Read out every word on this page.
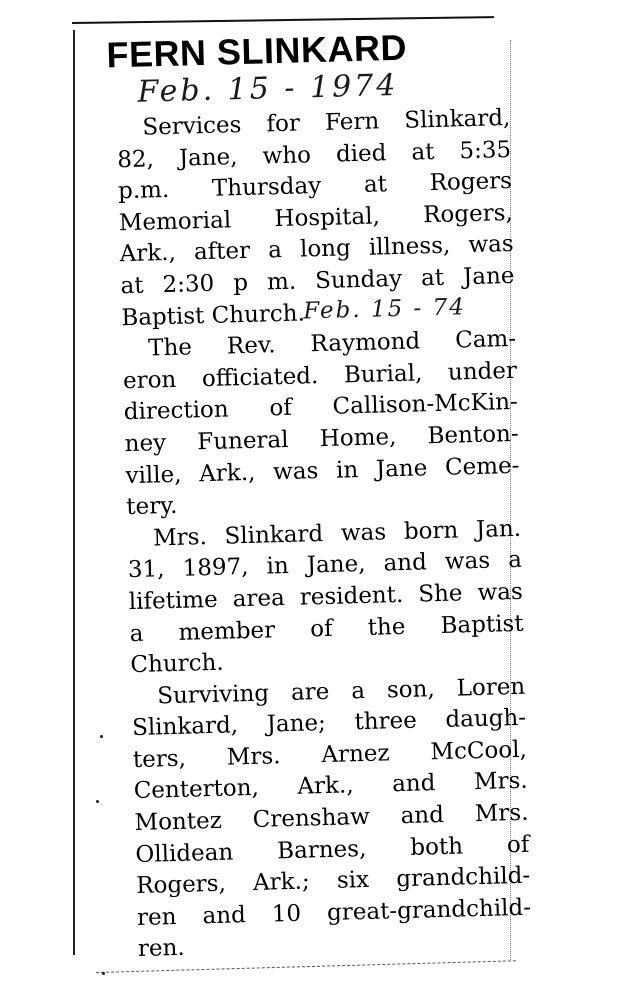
FERN SLINKARD
Feb. 15 - 1974

Services for Fern Slinkard,
82, Jane, who died at 5:35
p.m. Thursday at Rogers
Memorial Hospital, Rogers,
Ark., after a long illness, was
at 2:30 p m. Sunday at Jane
Baptist Church.

The Rev. Raymond Cam-
eron officiated. Burial, under
direction of Callison-McKin-
ney Funeral Home, Benton-
ville, Ark., was in Jane Ceme-
tery.

Mrs. Slinkard was born Jan.
31, 1897, in Jane, and was a
lifetime area resident. She was
a member of the Baptist
Church.

Surviving are a son, Loren
Slinkard, Jane; three daugh-
ters, Mrs. Arnez McCool,
Centerton, Ark., and Mrs.
Montez Crenshaw and Mrs.
Ollidean Barnes, both of
Rogers, Ark.; six grandchild-
ren and 10 great-grandchild-
ren.

Feb. 15 - 74
